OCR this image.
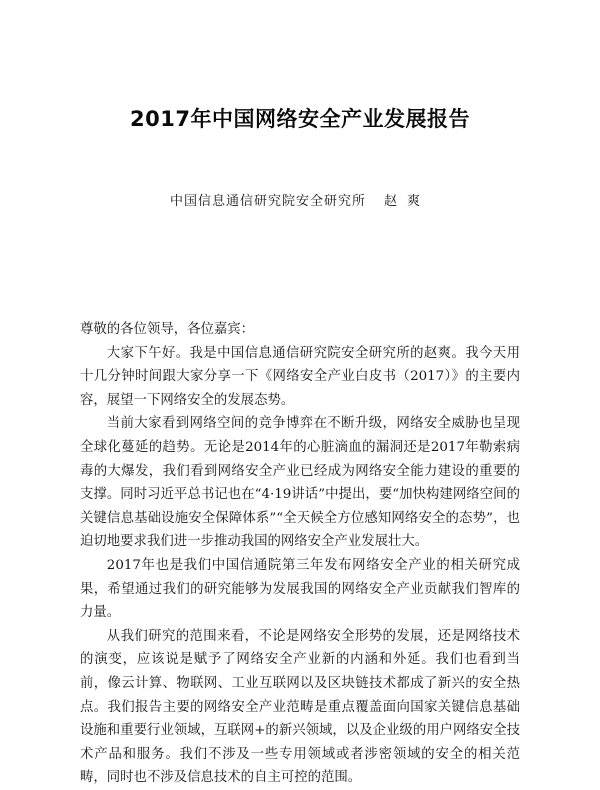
2017年中国网络安全产业发展报告
中国信息通信研究院安全研究所 赵爽

尊敬的各位领导，各位嘉宾：

大家下午好。我是中国信息通信研究院安全研究所的赵爽。我今天用十几分钟时间跟大家分享一下《网络安全产业白皮书（2017）》的主要内容，展望一下网络安全的发展态势。

当前大家看到网络空间的竞争博弈在不断升级，网络安全威胁也呈现全球化蔓延的趋势。无论是2014年的心脏滴血的漏洞还是2017年勒索病毒的大爆发，我们看到网络安全产业已经成为网络安全能力建设的重要的支撑。同时习近平总书记也在“4·19讲话”中提出，要“加快构建网络空间的关键信息基础设施安全保障体系”“全天候全方位感知网络安全的态势”，也迫切地要求我们进一步推动我国的网络安全产业发展壮大。

2017年也是我们中国信通院第三年发布网络安全产业的相关研究成果，希望通过我们的研究能够为发展我国的网络安全产业贡献我们智库的力量。

从我们研究的范围来看，不论是网络安全形势的发展，还是网络技术的演变，应该说是赋予了网络安全产业新的内涵和外延。我们也看到当前，像云计算、物联网、工业互联网以及区块链技术都成了新兴的安全热点。我们报告主要的网络安全产业范畴是重点覆盖面向国家关键信息基础设施和重要行业领域，互联网+的新兴领域，以及企业级的用户网络安全技术产品和服务。我们不涉及一些专用领域或者涉密领域的安全的相关范畴，同时也不涉及信息技术的自主可控的范围。
